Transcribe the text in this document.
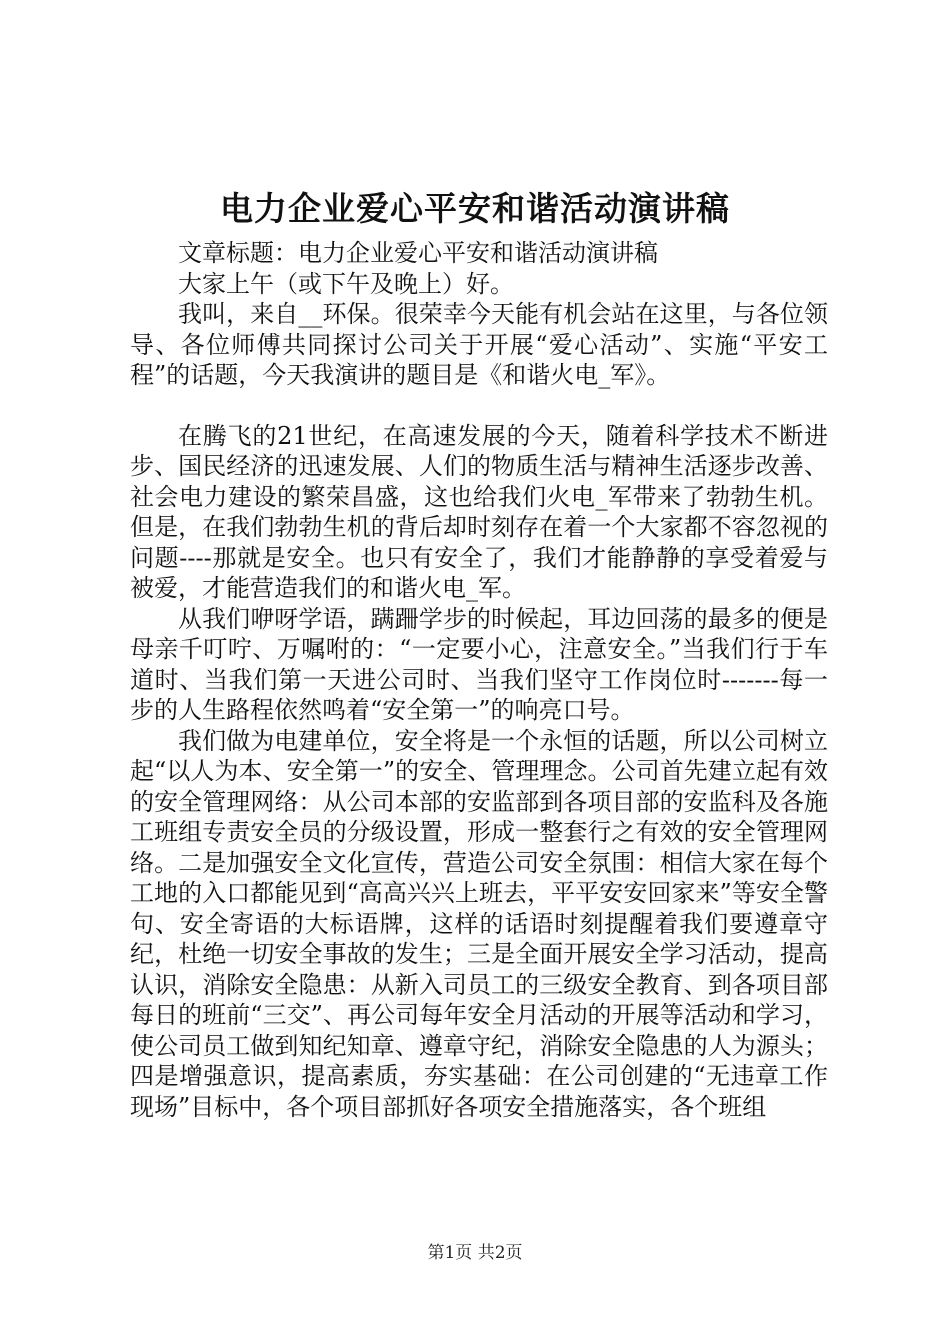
电力企业爱心平安和谐活动演讲稿

文章标题：电力企业爱心平安和谐活动演讲稿

大家上午（或下午及晚上）好。

我叫，来自__环保。很荣幸今天能有机会站在这里，与各位领导、各位师傅共同探讨公司关于开展“爱心活动”、实施“平安工程”的话题，今天我演讲的题目是《和谐火电_军》。

在腾飞的21世纪，在高速发展的今天，随着科学技术不断进步、国民经济的迅速发展、人们的物质生活与精神生活逐步改善、社会电力建设的繁荣昌盛，这也给我们火电_军带来了勃勃生机。但是，在我们勃勃生机的背后却时刻存在着一个大家都不容忽视的问题----那就是安全。也只有安全了，我们才能静静的享受着爱与被爱，才能营造我们的和谐火电_军。

从我们咿呀学语，蹒跚学步的时候起，耳边回荡的最多的便是母亲千叮咛、万嘱咐的：“一定要小心，注意安全。”当我们行于车道时、当我们第一天进公司时、当我们坚守工作岗位时-------每一步的人生路程依然鸣着“安全第一”的响亮口号。

我们做为电建单位，安全将是一个永恒的话题，所以公司树立起“以人为本、安全第一”的安全、管理理念。公司首先建立起有效的安全管理网络：从公司本部的安监部到各项目部的安监科及各施工班组专责安全员的分级设置，形成一整套行之有效的安全管理网络。二是加强安全文化宣传，营造公司安全氛围：相信大家在每个工地的入口都能见到“高高兴兴上班去，平平安安回家来”等安全警句、安全寄语的大标语牌，这样的话语时刻提醒着我们要遵章守纪，杜绝一切安全事故的发生；三是全面开展安全学习活动，提高认识，消除安全隐患：从新入司员工的三级安全教育、到各项目部每日的班前“三交”、再公司每年安全月活动的开展等活动和学习，使公司员工做到知纪知章、遵章守纪，消除安全隐患的人为源头；四是增强意识，提高素质，夯实基础：在公司创建的“无违章工作现场”目标中，各个项目部抓好各项安全措施落实，各个班组

第1页 共2页
